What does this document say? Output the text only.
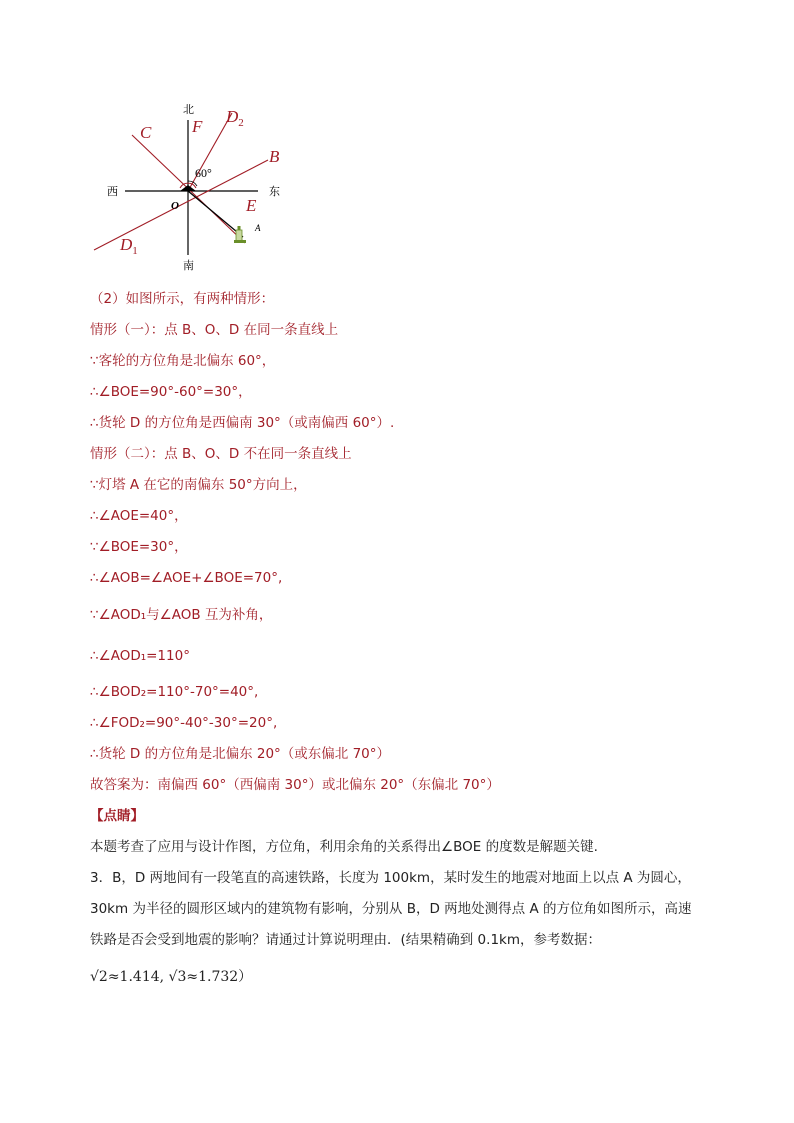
北
南
西	东
O
C F
$D_2$
B
E
$D_1$
A
60°
（2）如图所示，有两种情形：
情形（一）：点 B、O、D 在同一条直线上
∵客轮的方位角是北偏东 60°，
∴∠BOE=90°-60°=30°，
∴货轮 D 的方位角是西偏南 30°（或南偏西 60°）.
情形（二）：点 B、O、D 不在同一条直线上
∵灯塔 A 在它的南偏东 50°方向上，
∴∠AOE=40°，
∵∠BOE=30°，
∴∠AOB=∠AOE+∠BOE=70°,
∵∠AOD₁与∠AOB 互为补角，
∴∠AOD₁=110°
∴∠BOD₂=110°-70°=40°,
∴∠FOD₂=90°-40°-30°=20°,
∴货轮 D 的方位角是北偏东 20°（或东偏北 70°）
故答案为：南偏西 60°（西偏南 30°）或北偏东 20°（东偏北 70°）
【点睛】
本题考查了应用与设计作图，方位角，利用余角的关系得出∠BOE 的度数是解题关键.
3．B，D 两地间有一段笔直的高速铁路，长度为 100km，某时发生的地震对地面上以点 A 为圆心，
30km 为半径的圆形区域内的建筑物有影响，分别从 B，D 两地处测得点 A 的方位角如图所示，高速
铁路是否会受到地震的影响？请通过计算说明理由．(结果精确到 0.1km，参考数据：
√2≈1.414, √3≈1.732）
